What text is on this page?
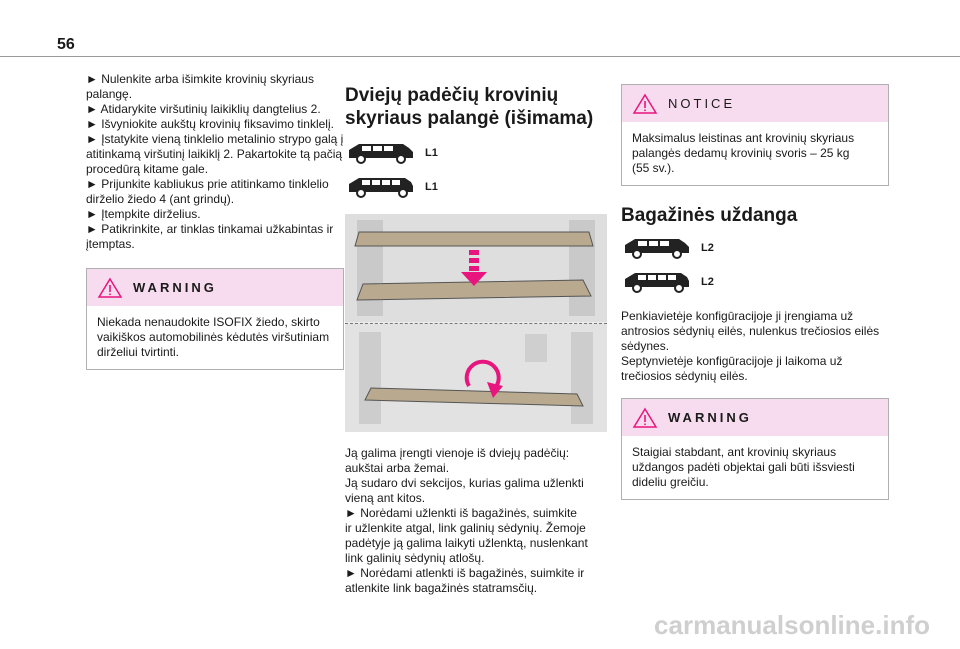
56

► Nulenkite arba išimkite krovinių skyriaus

palangę.

► Atidarykite viršutinių laikiklių dangtelius 2.

► Išvyniokite aukštų krovinių fiksavimo tinklelį.

► Įstatykite vieną tinklelio metalinio strypo galą į

atitinkamą viršutinį laikiklį 2. Pakartokite tą pačią

procedūrą kitame gale.

► Prijunkite kabliukus prie atitinkamo tinklelio

dirželio žiedo 4 (ant grindų).

► Įtempkite dirželius.

► Patikrinkite, ar tinklas tinkamai užkabintas ir

įtemptas.

WARNING

Niekada nenaudokite ISOFIX žiedo, skirto

vaikiškos automobilinės kėdutės viršutiniam

dirželiui tvirtinti.

Dviejų padėčių krovinių
skyriaus palangė (išimama)
L1
L1

Ją galima įrengti vienoje iš dviejų padėčių:

aukštai arba žemai.

Ją sudaro dvi sekcijos, kurias galima užlenkti

vieną ant kitos.

► Norėdami užlenkti iš bagažinės, suimkite

ir užlenkite atgal, link galinių sėdynių. Žemoje

padėtyje ją galima laikyti užlenktą, nuslenkant

link galinių sėdynių atlošų.

► Norėdami atlenkti iš bagažinės, suimkite ir

atlenkite link bagažinės statramsčių.

NOTICE

Maksimalus leistinas ant krovinių skyriaus

palangės dedamų krovinių svoris – 25 kg

(55 sv.).

Bagažinės uždanga
L2
L2

Penkiavietėje konfigūracijoje ji įrengiama už

antrosios sėdynių eilės, nulenkus trečiosios eilės

sėdynes.

Septynvietėje konfigūracijoje ji laikoma už

trečiosios sėdynių eilės.

WARNING

Staigiai stabdant, ant krovinių skyriaus

uždangos padėti objektai gali būti išsviesti

dideliu greičiu.

carmanualsonline.info
